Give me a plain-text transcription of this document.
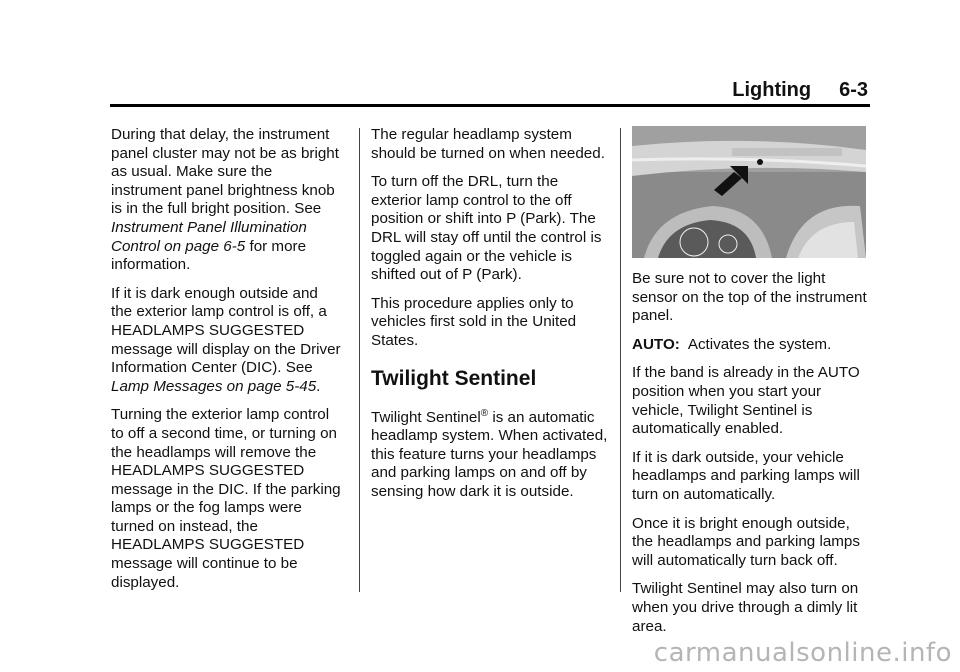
Lighting 6-3

During that delay, the instrument panel cluster may not be as bright as usual. Make sure the instrument panel brightness knob is in the full bright position. See Instrument Panel Illumination Control on page 6-5 for more information.

If it is dark enough outside and the exterior lamp control is off, a HEADLAMPS SUGGESTED message will display on the Driver Information Center (DIC). See Lamp Messages on page 5-45.

Turning the exterior lamp control to off a second time, or turning on the headlamps will remove the HEADLAMPS SUGGESTED message in the DIC. If the parking lamps or the fog lamps were turned on instead, the HEADLAMPS SUGGESTED message will continue to be displayed.

The regular headlamp system should be turned on when needed.

To turn off the DRL, turn the exterior lamp control to the off position or shift into P (Park). The DRL will stay off until the control is toggled again or the vehicle is shifted out of P (Park).

This procedure applies only to vehicles first sold in the United States.

Twilight Sentinel

Twilight Sentinel® is an automatic headlamp system. When activated, this feature turns your headlamps and parking lamps on and off by sensing how dark it is outside.

Be sure not to cover the light sensor on the top of the instrument panel.

AUTO: Activates the system.

If the band is already in the AUTO position when you start your vehicle, Twilight Sentinel is automatically enabled.

If it is dark outside, your vehicle headlamps and parking lamps will turn on automatically.

Once it is bright enough outside, the headlamps and parking lamps will automatically turn back off.

Twilight Sentinel may also turn on when you drive through a dimly lit area.

carmanualsonline.info
